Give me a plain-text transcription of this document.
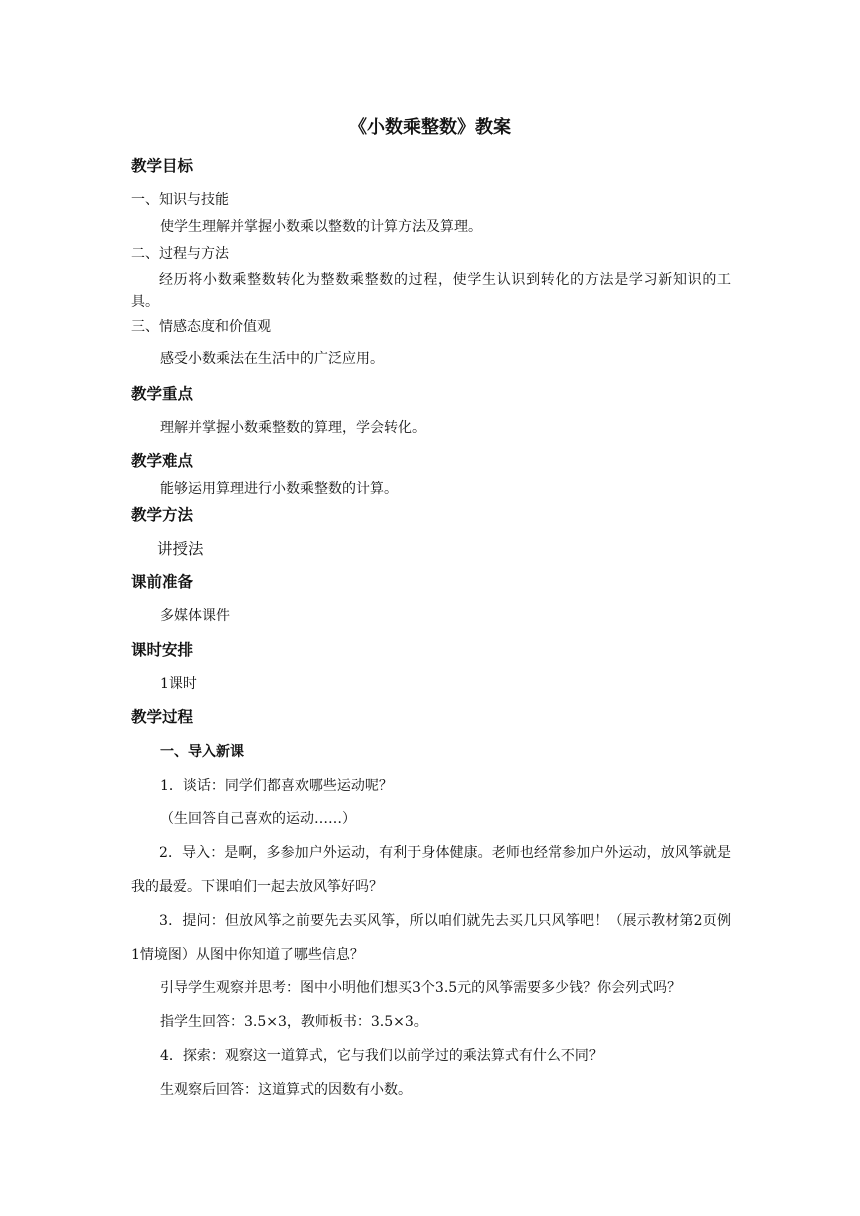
《小数乘整数》教案
教学目标
一、知识与技能
使学生理解并掌握小数乘以整数的计算方法及算理。
二、过程与方法
经历将小数乘整数转化为整数乘整数的过程，使学生认识到转化的方法是学习新知识的工具。
三、情感态度和价值观
感受小数乘法在生活中的广泛应用。
教学重点
理解并掌握小数乘整数的算理，学会转化。
教学难点
能够运用算理进行小数乘整数的计算。
教学方法
讲授法
课前准备
多媒体课件
课时安排
1课时
教学过程
一、导入新课
1．谈话：同学们都喜欢哪些运动呢？
（生回答自己喜欢的运动……）
2．导入：是啊，多参加户外运动，有利于身体健康。老师也经常参加户外运动，放风筝就是我的最爱。下课咱们一起去放风筝好吗？
3．提问：但放风筝之前要先去买风筝，所以咱们就先去买几只风筝吧！（展示教材第2页例1情境图）从图中你知道了哪些信息？
引导学生观察并思考：图中小明他们想买3个3.5元的风筝需要多少钱？你会列式吗？
指学生回答：3.5×3，教师板书：3.5×3。
4．探索：观察这一道算式，它与我们以前学过的乘法算式有什么不同？
生观察后回答：这道算式的因数有小数。
